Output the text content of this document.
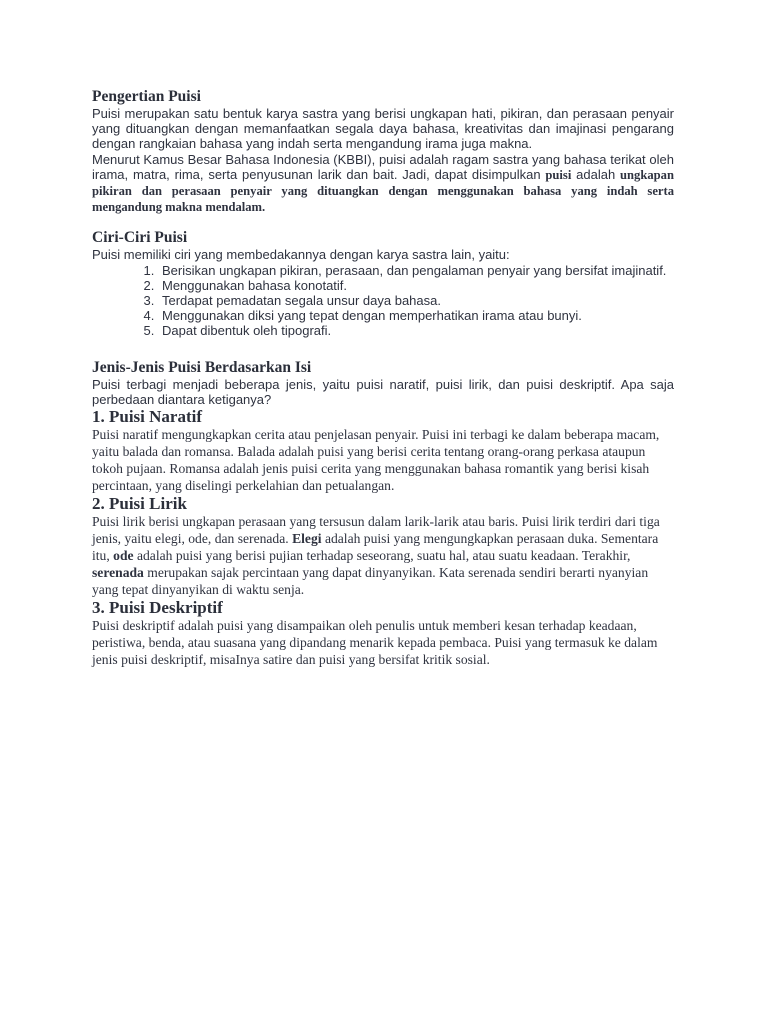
Pengertian Puisi

Puisi merupakan satu bentuk karya sastra yang berisi ungkapan hati, pikiran, dan perasaan penyair yang dituangkan dengan memanfaatkan segala daya bahasa, kreativitas dan imajinasi pengarang dengan rangkaian bahasa yang indah serta mengandung irama juga makna.

Menurut Kamus Besar Bahasa Indonesia (KBBI), puisi adalah ragam sastra yang bahasa terikat oleh irama, matra, rima, serta penyusunan larik dan bait. Jadi, dapat disimpulkan puisi adalah ungkapan pikiran dan perasaan penyair yang dituangkan dengan menggunakan bahasa yang indah serta mengandung makna mendalam.

Ciri-Ciri Puisi

Puisi memiliki ciri yang membedakannya dengan karya sastra lain, yaitu:

1. Berisikan ungkapan pikiran, perasaan, dan pengalaman penyair yang bersifat imajinatif.
2. Menggunakan bahasa konotatif.
3. Terdapat pemadatan segala unsur daya bahasa.
4. Menggunakan diksi yang tepat dengan memperhatikan irama atau bunyi.
5. Dapat dibentuk oleh tipografi.
Jenis-Jenis Puisi Berdasarkan Isi

Puisi terbagi menjadi beberapa jenis, yaitu puisi naratif, puisi lirik, dan puisi deskriptif. Apa saja perbedaan diantara ketiganya?

1. Puisi Naratif

Puisi naratif mengungkapkan cerita atau penjelasan penyair. Puisi ini terbagi ke dalam beberapa macam, yaitu balada dan romansa. Balada adalah puisi yang berisi cerita tentang orang-orang perkasa ataupun tokoh pujaan. Romansa adalah jenis puisi cerita yang menggunakan bahasa romantik yang berisi kisah percintaan, yang diselingi perkelahian dan petualangan.

2. Puisi Lirik

Puisi lirik berisi ungkapan perasaan yang tersusun dalam larik-larik atau baris. Puisi lirik terdiri dari tiga jenis, yaitu elegi, ode, dan serenada. Elegi adalah puisi yang mengungkapkan perasaan duka. Sementara itu, ode adalah puisi yang berisi pujian terhadap seseorang, suatu hal, atau suatu keadaan. Terakhir, serenada merupakan sajak percintaan yang dapat dinyanyikan. Kata serenada sendiri berarti nyanyian yang tepat dinyanyikan di waktu senja.

3. Puisi Deskriptif

Puisi deskriptif adalah puisi yang disampaikan oleh penulis untuk memberi kesan terhadap keadaan, peristiwa, benda, atau suasana yang dipandang menarik kepada pembaca. Puisi yang termasuk ke dalam jenis puisi deskriptif, misaInya satire dan puisi yang bersifat kritik sosial.
